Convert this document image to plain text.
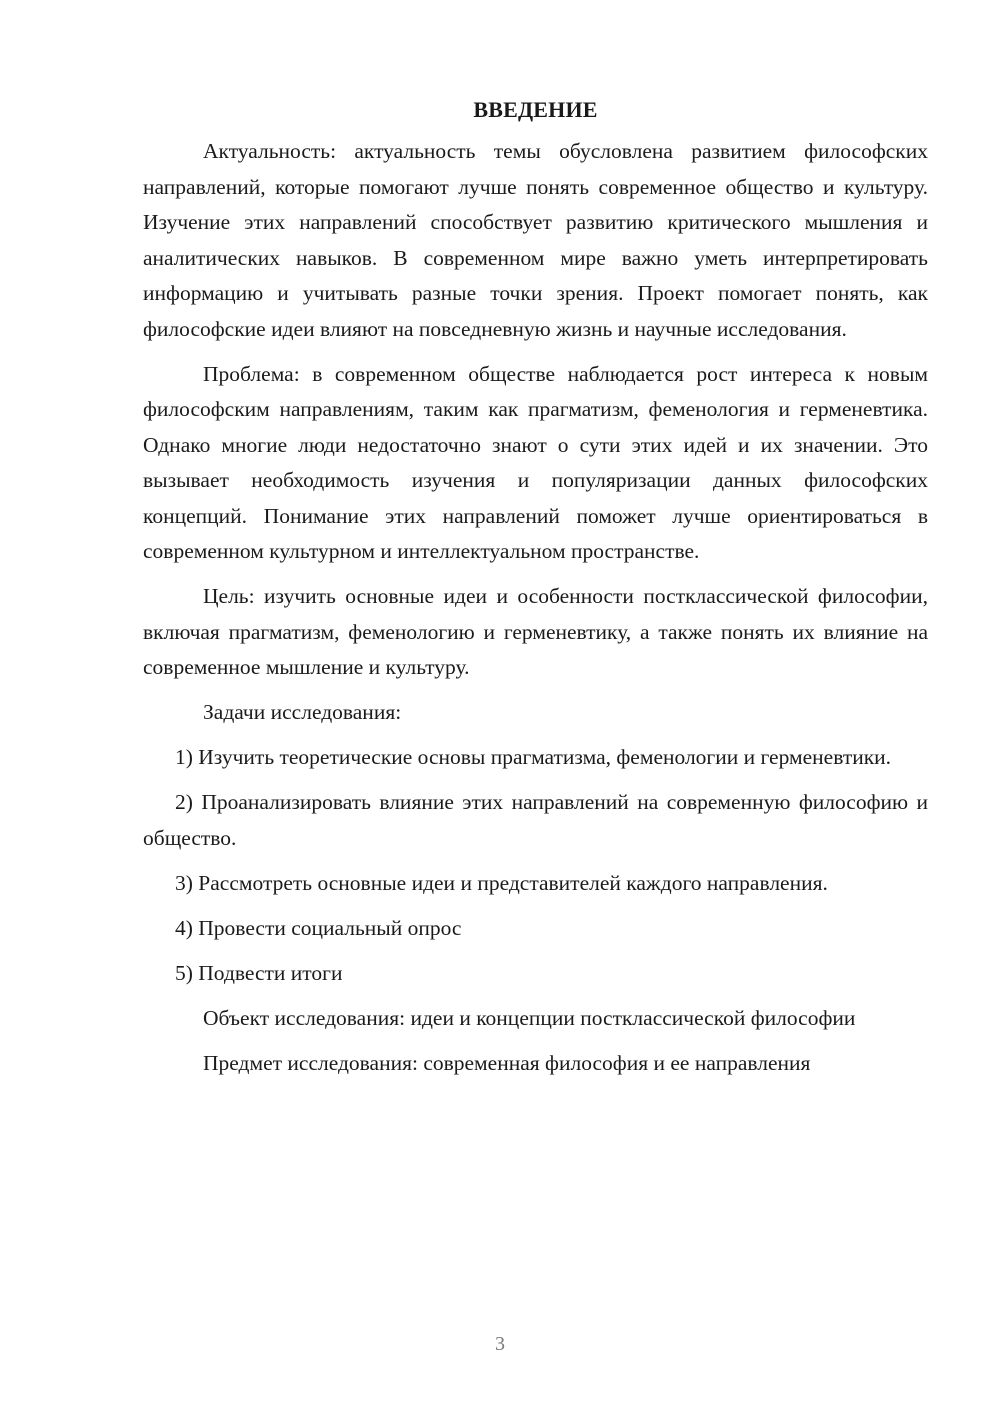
ВВЕДЕНИЕ

Актуальность: актуальность темы обусловлена развитием философских направлений, которые помогают лучше понять современное общество и культуру. Изучение этих направлений способствует развитию критического мышления и аналитических навыков. В современном мире важно уметь интерпретировать информацию и учитывать разные точки зрения. Проект помогает понять, как философские идеи влияют на повседневную жизнь и научные исследования.

Проблема: в современном обществе наблюдается рост интереса к новым философским направлениям, таким как прагматизм, феменология и герменевтика. Однако многие люди недостаточно знают о сути этих идей и их значении. Это вызывает необходимость изучения и популяризации данных философских концепций. Понимание этих направлений поможет лучше ориентироваться в современном культурном и интеллектуальном пространстве.

Цель: изучить основные идеи и особенности постклассической философии, включая прагматизм, феменологию и герменевтику, а также понять их влияние на современное мышление и культуру.

Задачи исследования:

1) Изучить теоретические основы прагматизма, феменологии и герменевтики.

2) Проанализировать влияние этих направлений на современную философию и общество.

3) Рассмотреть основные идеи и представителей каждого направления.

4) Провести социальный опрос

5) Подвести итоги

Объект исследования: идеи и концепции постклассической философии

Предмет исследования: современная философия и ее направления

3
